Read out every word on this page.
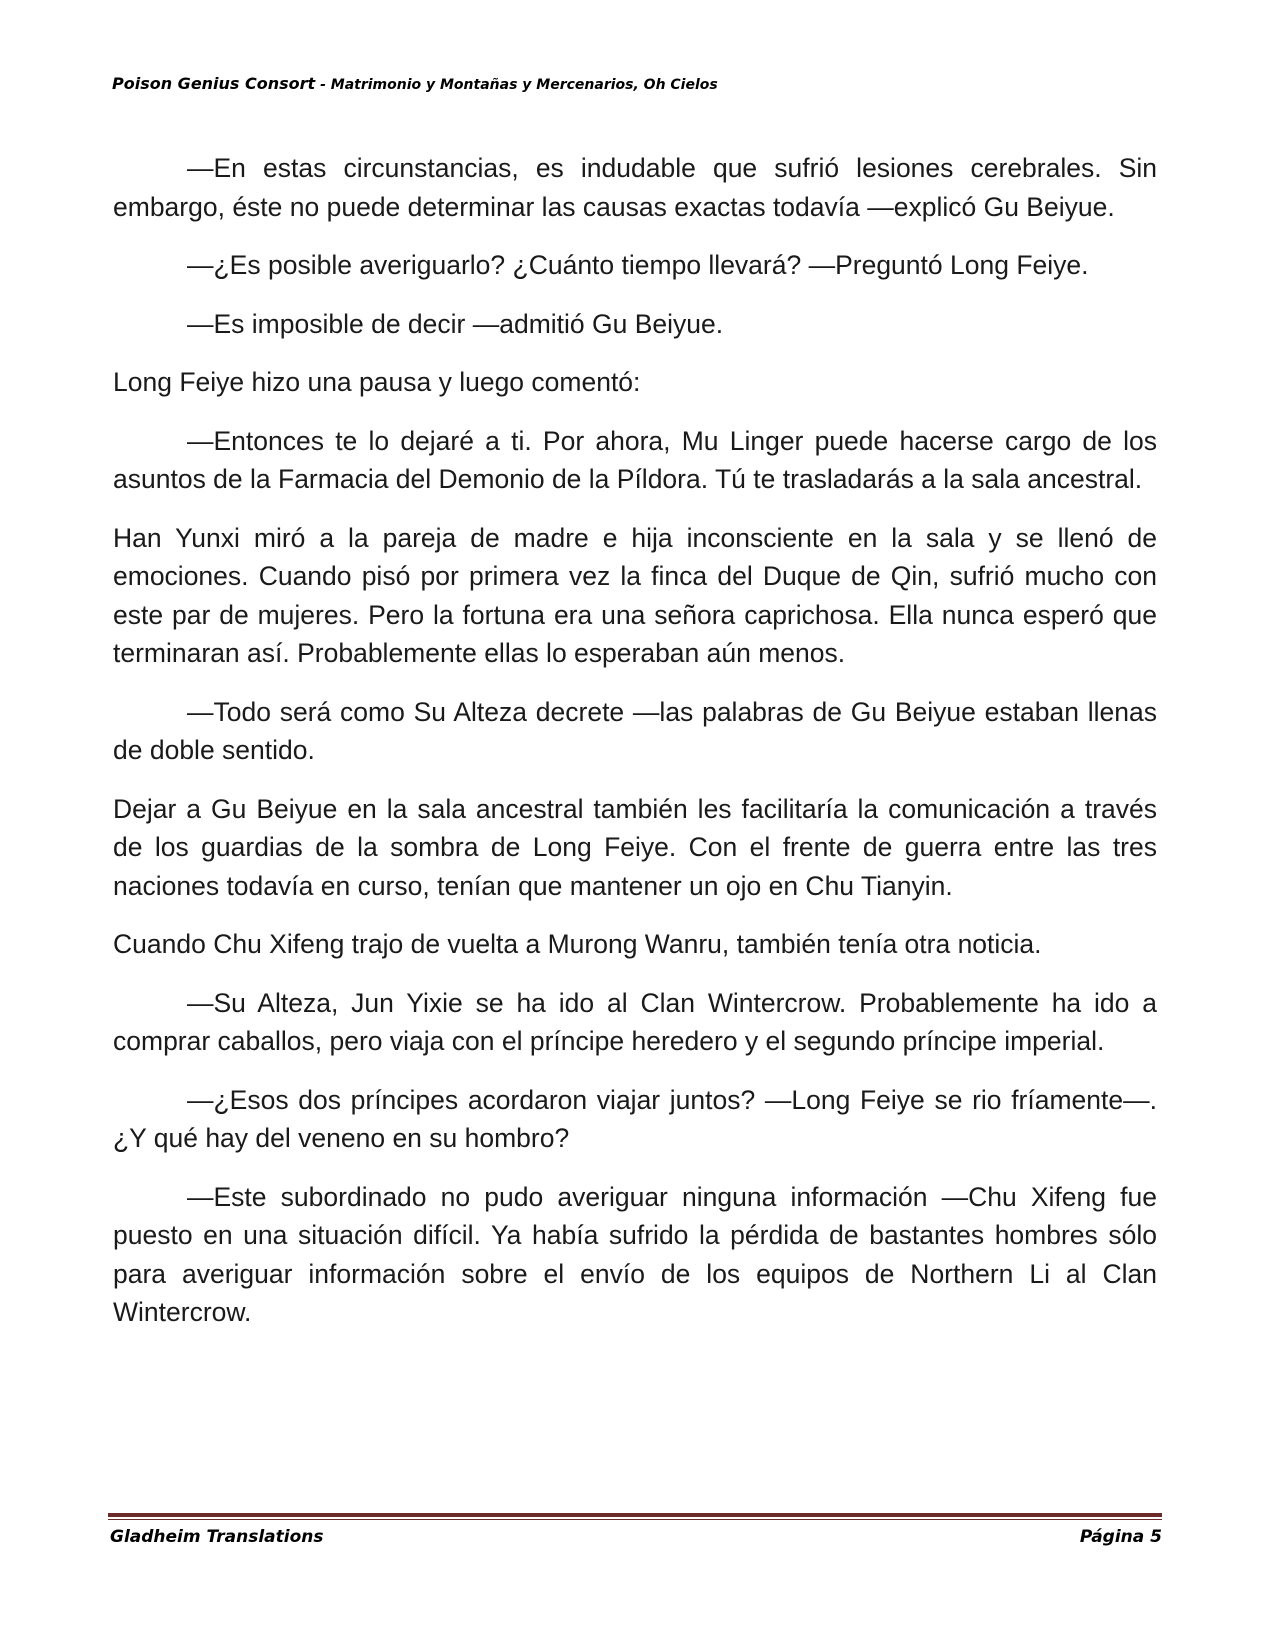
Poison Genius Consort - Matrimonio y Montañas y Mercenarios, Oh Cielos

—En estas circunstancias, es indudable que sufrió lesiones cerebrales. Sin embargo, éste no puede determinar las causas exactas todavía —explicó Gu Beiyue.

—¿Es posible averiguarlo? ¿Cuánto tiempo llevará? —Preguntó Long Feiye.

—Es imposible de decir —admitió Gu Beiyue.

Long Feiye hizo una pausa y luego comentó:

—Entonces te lo dejaré a ti. Por ahora, Mu Linger puede hacerse cargo de los asuntos de la Farmacia del Demonio de la Píldora. Tú te trasladarás a la sala ancestral.

Han Yunxi miró a la pareja de madre e hija inconsciente en la sala y se llenó de emociones. Cuando pisó por primera vez la finca del Duque de Qin, sufrió mucho con este par de mujeres. Pero la fortuna era una señora caprichosa. Ella nunca esperó que terminaran así. Probablemente ellas lo esperaban aún menos.

—Todo será como Su Alteza decrete —las palabras de Gu Beiyue estaban llenas de doble sentido.

Dejar a Gu Beiyue en la sala ancestral también les facilitaría la comunicación a través de los guardias de la sombra de Long Feiye. Con el frente de guerra entre las tres naciones todavía en curso, tenían que mantener un ojo en Chu Tianyin.

Cuando Chu Xifeng trajo de vuelta a Murong Wanru, también tenía otra noticia.

—Su Alteza, Jun Yixie se ha ido al Clan Wintercrow. Probablemente ha ido a comprar caballos, pero viaja con el príncipe heredero y el segundo príncipe imperial.

—¿Esos dos príncipes acordaron viajar juntos? —Long Feiye se rio fríamente—. ¿Y qué hay del veneno en su hombro?

—Este subordinado no pudo averiguar ninguna información —Chu Xifeng fue puesto en una situación difícil. Ya había sufrido la pérdida de bastantes hombres sólo para averiguar información sobre el envío de los equipos de Northern Li al Clan Wintercrow.

Gladheim Translations	Página 5
